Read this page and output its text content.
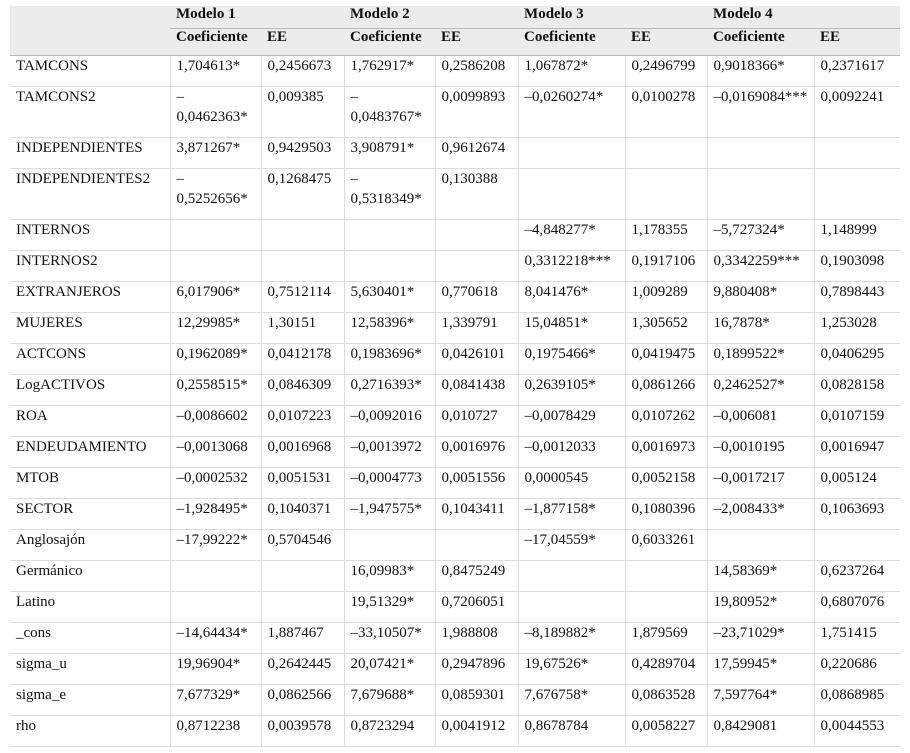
	Modelo 1		Modelo 2		Modelo 3		Modelo 4	
	Coeficiente	EE	Coeficiente	EE	Coeficiente	EE	Coeficiente	EE
TAMCONS	1,704613*	0,2456673	1,762917*	0,2586208	1,067872*	0,2496799	0,9018366*	0,2371617
TAMCONS2	–0,0462363*	0,009385	–0,0483767*	0,0099893	–0,0260274*	0,0100278	–0,0169084***	0,0092241
INDEPENDIENTES	3,871267*	0,9429503	3,908791*	0,9612674				
INDEPENDIENTES2	–0,5252656*	0,1268475	–0,5318349*	0,130388				
INTERNOS					–4,848277*	1,178355	–5,727324*	1,148999
INTERNOS2					0,3312218***	0,1917106	0,3342259***	0,1903098
EXTRANJEROS	6,017906*	0,7512114	5,630401*	0,770618	8,041476*	1,009289	9,880408*	0,7898443
MUJERES	12,29985*	1,30151	12,58396*	1,339791	15,04851*	1,305652	16,7878*	1,253028
ACTCONS	0,1962089*	0,0412178	0,1983696*	0,0426101	0,1975466*	0,0419475	0,1899522*	0,0406295
LogACTIVOS	0,2558515*	0,0846309	0,2716393*	0,0841438	0,2639105*	0,0861266	0,2462527*	0,0828158
ROA	–0,0086602	0,0107223	–0,0092016	0,010727	–0,0078429	0,0107262	–0,006081	0,0107159
ENDEUDAMIENTO	–0,0013068	0,0016968	–0,0013972	0,0016976	–0,0012033	0,0016973	–0,0010195	0,0016947
MTOB	–0,0002532	0,0051531	–0,0004773	0,0051556	0,0000545	0,0052158	–0,0017217	0,005124
SECTOR	–1,928495*	0,1040371	–1,947575*	0,1043411	–1,877158*	0,1080396	–2,008433*	0,1063693
Anglosajón	–17,99222*	0,5704546			–17,04559*	0,6033261		
Germánico			16,09983*	0,8475249			14,58369*	0,6237264
Latino			19,51329*	0,7206051			19,80952*	0,6807076
_cons	–14,64434*	1,887467	–33,10507*	1,988808	–8,189882*	1,879569	–23,71029*	1,751415
sigma_u	19,96904*	0,2642445	20,07421*	0,2947896	19,67526*	0,4289704	17,59945*	0,220686
sigma_e	7,677329*	0,0862566	7,679688*	0,0859301	7,676758*	0,0863528	7,597764*	0,0868985
rho	0,8712238	0,0039578	0,8723294	0,0041912	0,8678784	0,0058227	0,8429081	0,0044553
